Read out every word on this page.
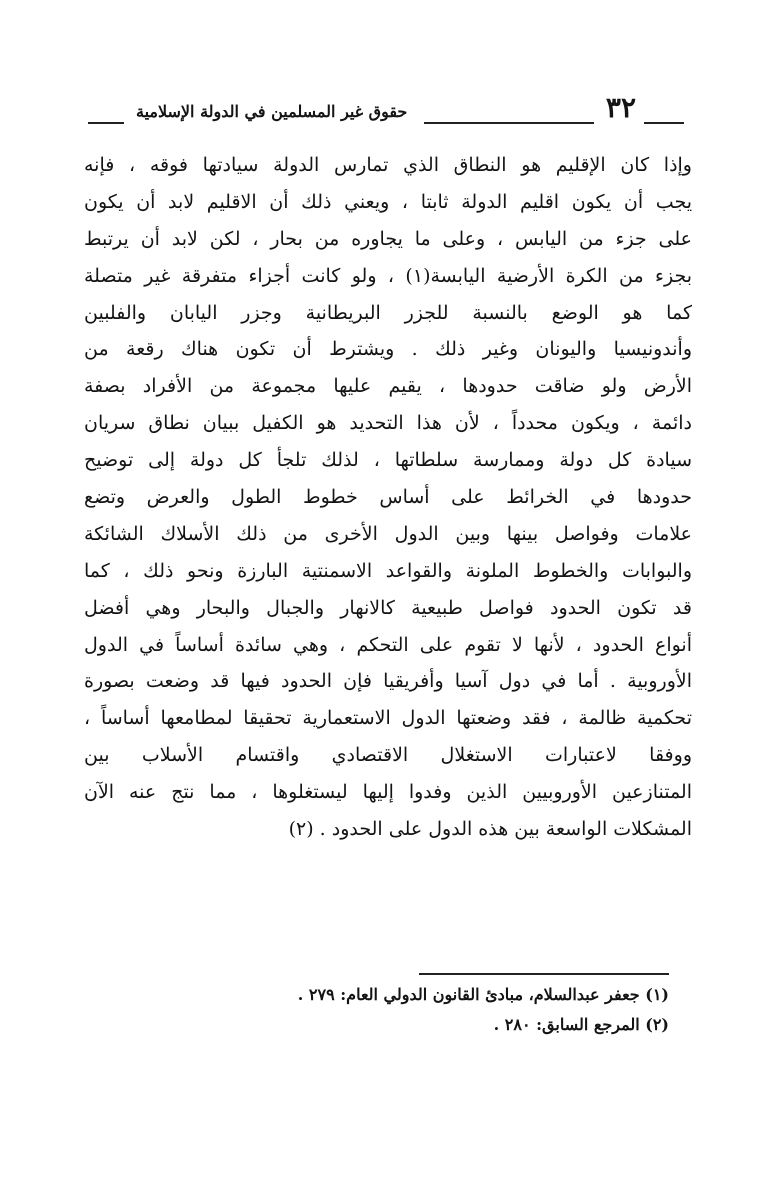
٣٢
حقوق غير المسلمين في الدولة الإسلامية
وإذا كان الإقليم هو النطاق الذي تمارس الدولة سيادتها فوقه ، فإنه
يجب أن يكون اقليم الدولة ثابتا ، ويعني ذلك أن الاقليم لابد أن يكون
على جزء من اليابس ، وعلى ما يجاوره من بحار ، لكن لابد أن يرتبط
بجزء من الكرة الأرضية اليابسة(١) ، ولو كانت أجزاء متفرقة غير متصلة
كما هو الوضع بالنسبة للجزر البريطانية وجزر اليابان والفلبين
وأندونيسيا واليونان وغير ذلك . ويشترط أن تكون هناك رقعة من
الأرض ولو ضاقت حدودها ، يقيم عليها مجموعة من الأفراد بصفة
دائمة ، ويكون محدداً ، لأن هذا التحديد هو الكفيل ببيان نطاق سريان
سيادة كل دولة وممارسة سلطاتها ، لذلك تلجأ كل دولة إلى توضيح
حدودها في الخرائط على أساس خطوط الطول والعرض وتضع
علامات وفواصل بينها وبين الدول الأخرى من ذلك الأسلاك الشائكة
والبوابات والخطوط الملونة والقواعد الاسمنتية البارزة ونحو ذلك ، كما
قد تكون الحدود فواصل طبيعية كالانهار والجبال والبحار وهي أفضل
أنواع الحدود ، لأنها لا تقوم على التحكم ، وهي سائدة أساساً في الدول
الأوروبية . أما في دول آسيا وأفريقيا فإن الحدود فيها قد وضعت بصورة
تحكمية ظالمة ، فقد وضعتها الدول الاستعمارية تحقيقا لمطامعها أساساً ،
ووفقا لاعتبارات الاستغلال الاقتصادي واقتسام الأسلاب بين
المتنازعين الأوروبيين الذين وفدوا إليها ليستغلوها ، مما نتج عنه الآن
المشكلات الواسعة بين هذه الدول على الحدود . (٢)
(١) جعفر عبدالسلام، مبادئ القانون الدولي العام: ٢٧٩ .
(٢) المرجع السابق: ٢٨٠ .
